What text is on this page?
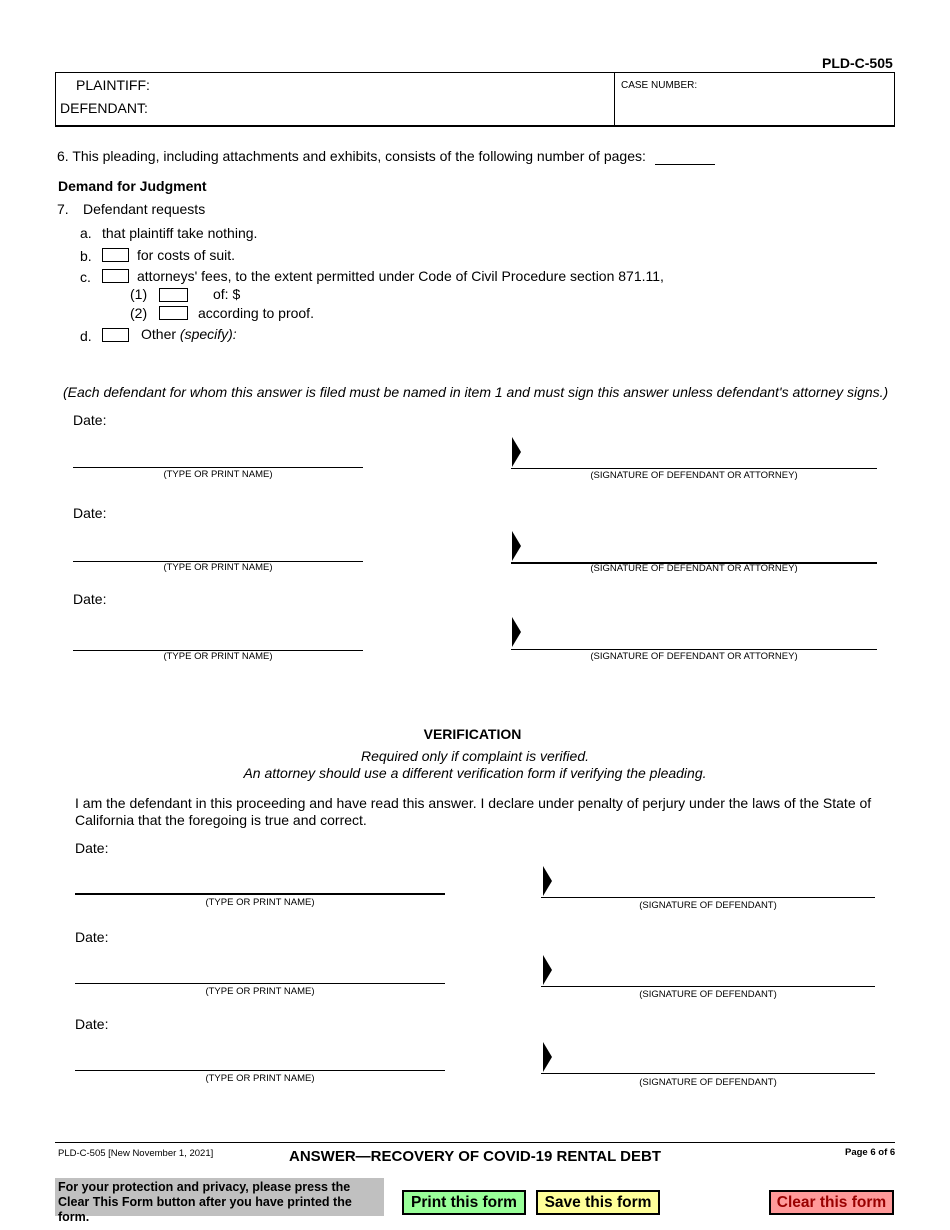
PLD-C-505
PLAINTIFF:
DEFENDANT:
CASE NUMBER:
6. This pleading, including attachments and exhibits, consists of the following number of pages:
Demand for Judgment
7. Defendant requests
a. that plaintiff take nothing.
b.	for costs of suit.
c.	attorneys' fees, to the extent permitted under Code of Civil Procedure section 871.11,
(1)	of: $
(2)	according to proof.
d.	Other (specify):
(Each defendant for whom this answer is filed must be named in item 1 and must sign this answer unless defendant's attorney signs.)
Date:
(TYPE OR PRINT NAME)	(SIGNATURE OF DEFENDANT OR ATTORNEY)
Date:
(TYPE OR PRINT NAME)	(SIGNATURE OF DEFENDANT OR ATTORNEY)
Date:
(TYPE OR PRINT NAME)	(SIGNATURE OF DEFENDANT OR ATTORNEY)
VERIFICATION
Required only if complaint is verified.
An attorney should use a different verification form if verifying the pleading.
I am the defendant in this proceeding and have read this answer. I declare under penalty of perjury under the laws of the State of California that the foregoing is true and correct.
Date:
(TYPE OR PRINT NAME)	(SIGNATURE OF DEFENDANT)
Date:
(TYPE OR PRINT NAME)	(SIGNATURE OF DEFENDANT)
Date:
(TYPE OR PRINT NAME)	(SIGNATURE OF DEFENDANT)
PLD-C-505 [New November 1, 2021]	ANSWER—RECOVERY OF COVID-19 RENTAL DEBT	Page 6 of 6
For your protection and privacy, please press the Clear This Form button after you have printed the form.
Print this form	Save this form	Clear this form
